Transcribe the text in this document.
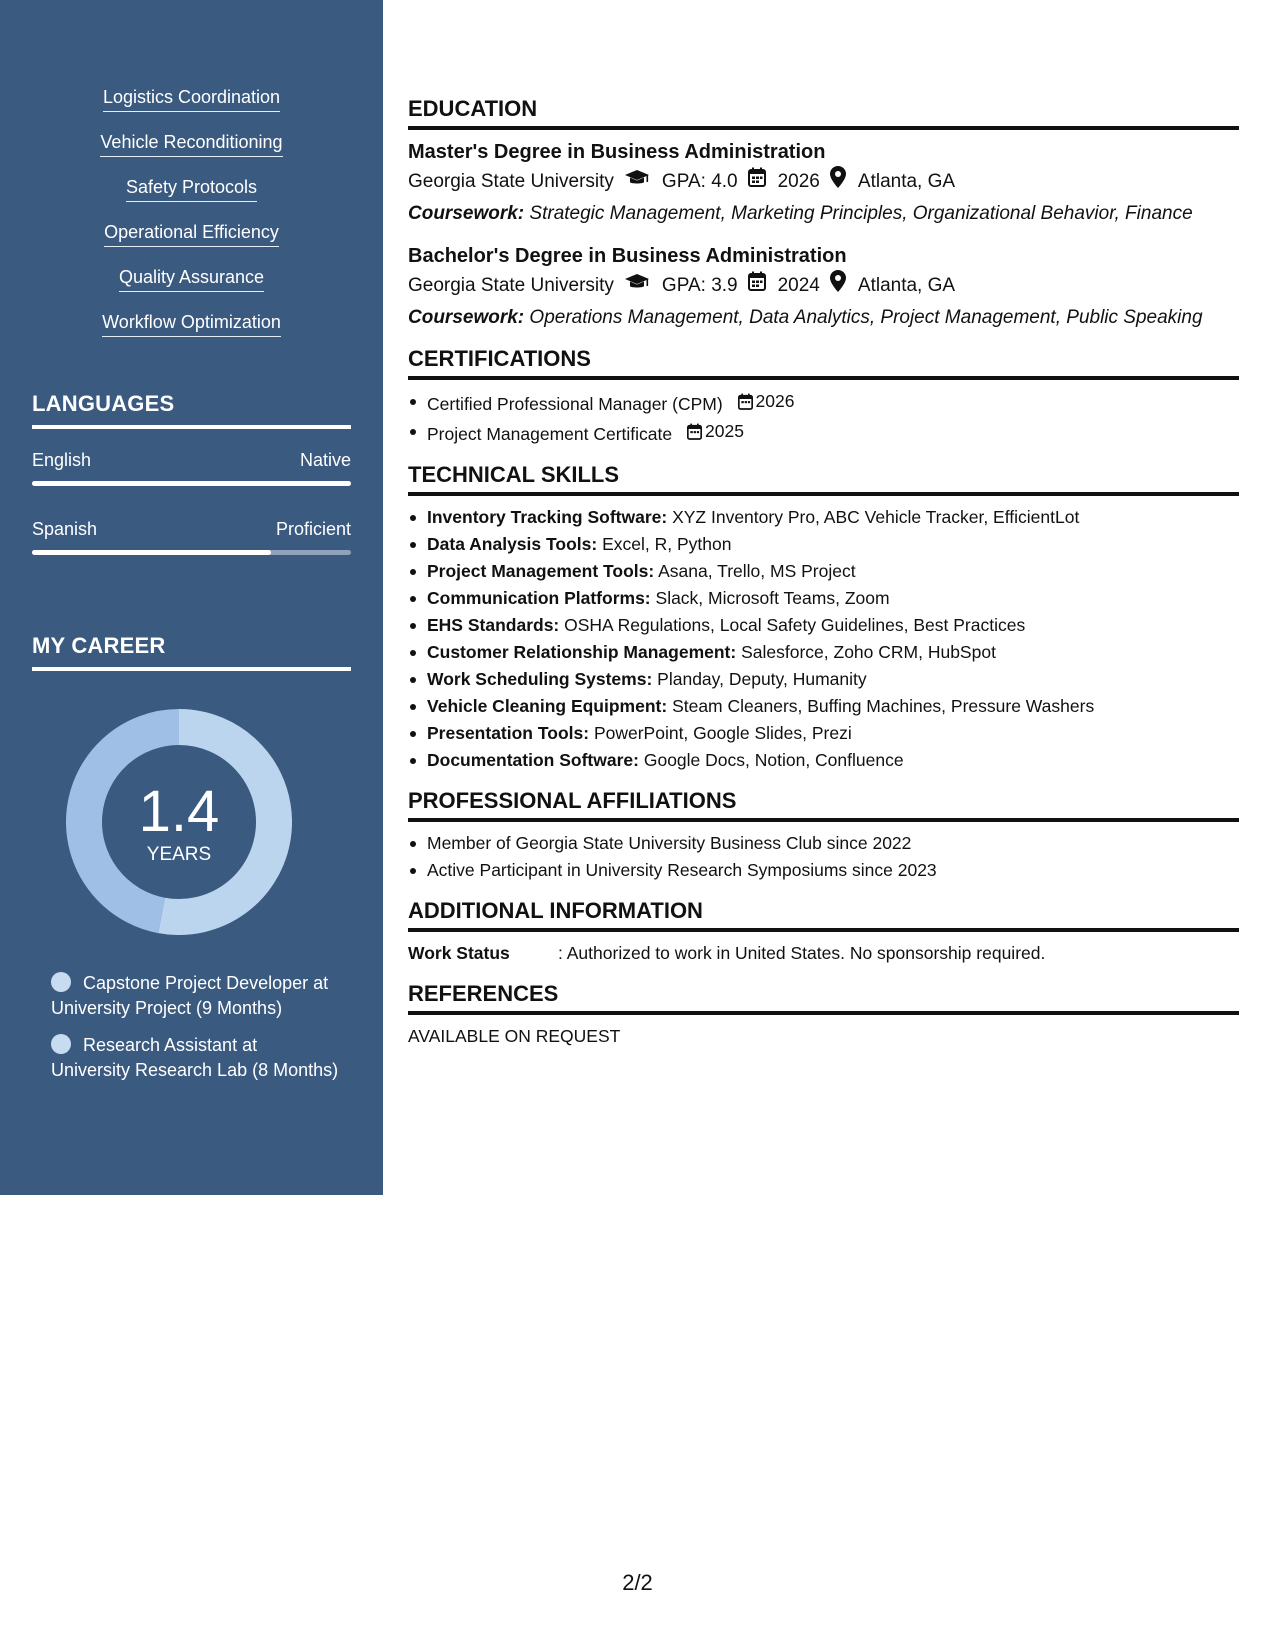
Logistics Coordination
Vehicle Reconditioning
Safety Protocols
Operational Efficiency
Quality Assurance
Workflow Optimization
LANGUAGES
English	Native
Spanish	Proficient
MY CAREER
1.4
YEARS
Capstone Project Developer at University Project (9 Months)
Research Assistant at University Research Lab (8 Months)
EDUCATION
Master's Degree in Business Administration
Georgia State University	GPA: 4.0 2026 Atlanta, GA
Coursework: Strategic Management, Marketing Principles, Organizational Behavior, Finance
Bachelor's Degree in Business Administration
Georgia State University	GPA: 3.9 2024 Atlanta, GA
Coursework: Operations Management, Data Analytics, Project Management, Public Speaking
CERTIFICATIONS
Certified Professional Manager (CPM) 2026
Project Management Certificate 2025
TECHNICAL SKILLS
Inventory Tracking Software: XYZ Inventory Pro, ABC Vehicle Tracker, EfficientLot
Data Analysis Tools: Excel, R, Python
Project Management Tools: Asana, Trello, MS Project
Communication Platforms: Slack, Microsoft Teams, Zoom
EHS Standards: OSHA Regulations, Local Safety Guidelines, Best Practices
Customer Relationship Management: Salesforce, Zoho CRM, HubSpot
Work Scheduling Systems: Planday, Deputy, Humanity
Vehicle Cleaning Equipment: Steam Cleaners, Buffing Machines, Pressure Washers
Presentation Tools: PowerPoint, Google Slides, Prezi
Documentation Software: Google Docs, Notion, Confluence
PROFESSIONAL AFFILIATIONS
Member of Georgia State University Business Club since 2022
Active Participant in University Research Symposiums since 2023
ADDITIONAL INFORMATION
Work Status	: Authorized to work in United States. No sponsorship required.
REFERENCES
AVAILABLE ON REQUEST
2/2
